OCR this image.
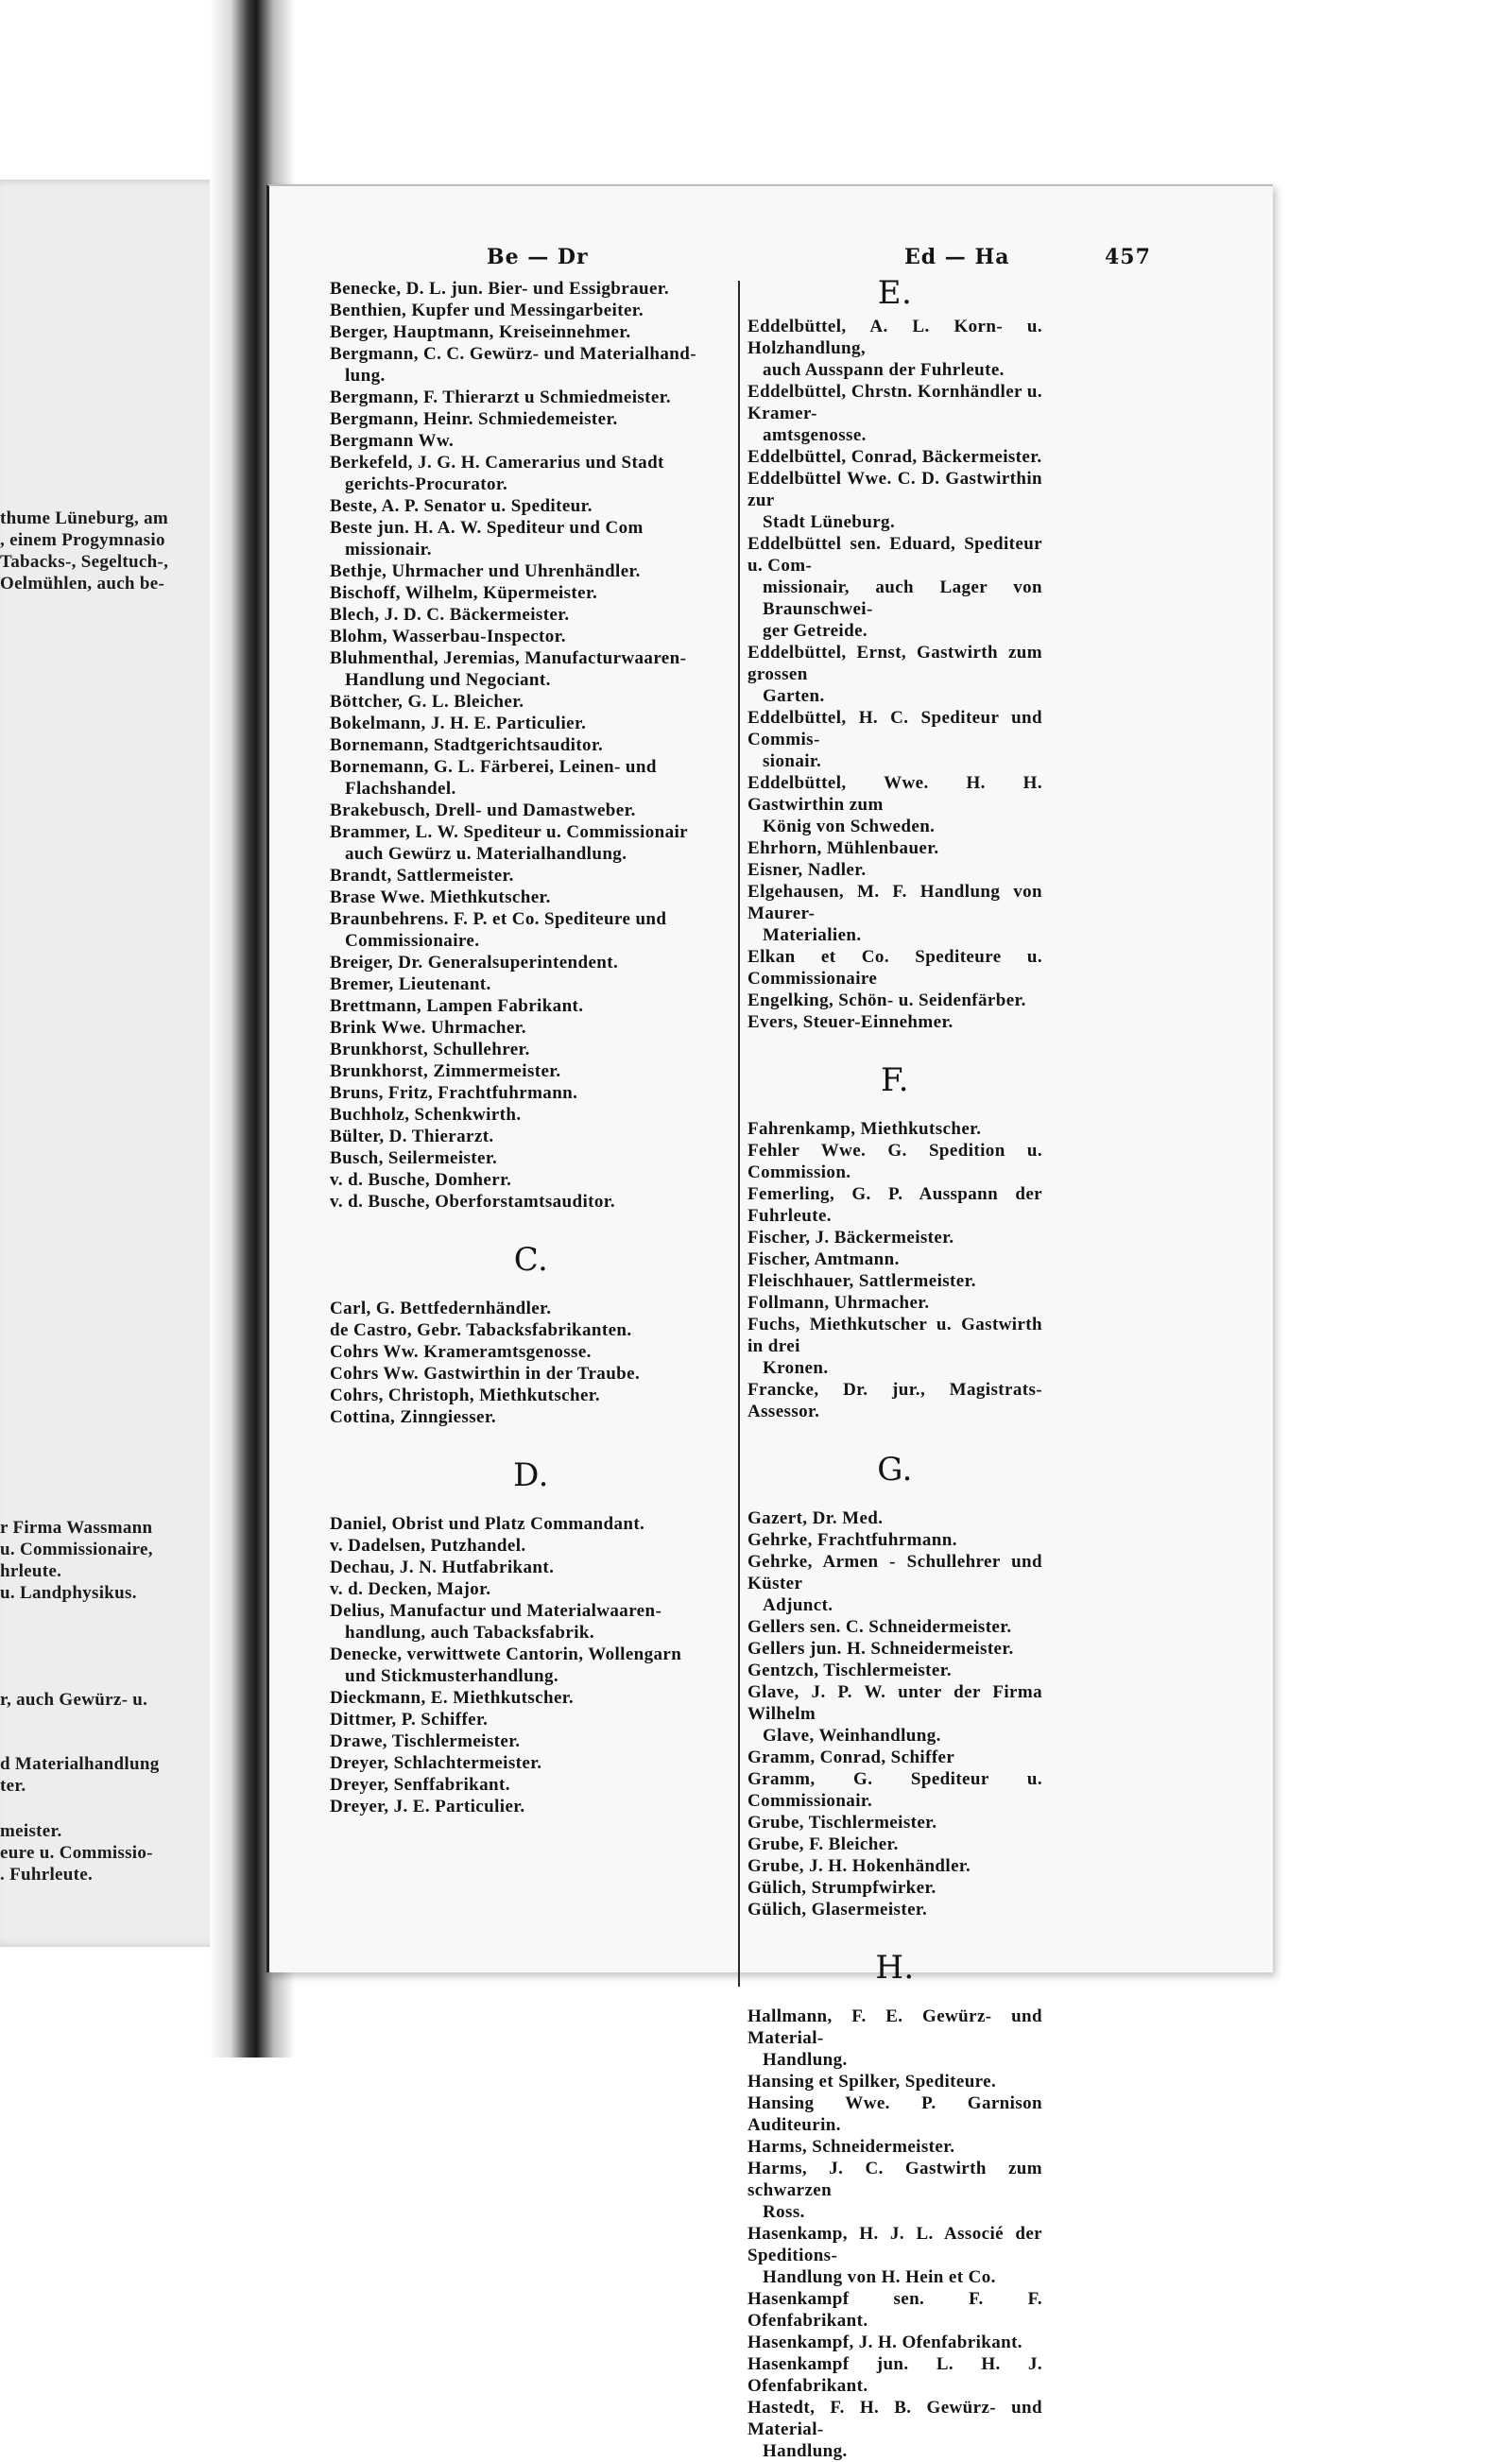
thume Lüneburg, am
, einem Progymnasio
Tabacks-, Segeltuch-,
Oelmühlen, auch be-
r Firma Wassmann
u. Commissionaire,
hrleute.
u. Landphysikus.
r, auch Gewürz- u.
d Materialhandlung
ter.
meister.
eure u. Commissio-
. Fuhrleute.
Be — Dr	Ed — Ha	457
Benecke, D. L. jun. Bier- und Essigbrauer.
Benthien, Kupfer und Messingarbeiter.
Berger, Hauptmann, Kreiseinnehmer.
Bergmann, C. C. Gewürz- und Materialhand-
lung.
Bergmann, F. Thierarzt u Schmiedmeister.
Bergmann, Heinr. Schmiedemeister.
Bergmann Ww.
Berkefeld, J. G. H. Camerarius und Stadt
gerichts-Procurator.
Beste, A. P. Senator u. Spediteur.
Beste jun. H. A. W. Spediteur und Com
missionair.
Bethje, Uhrmacher und Uhrenhändler.
Bischoff, Wilhelm, Küpermeister.
Blech, J. D. C. Bäckermeister.
Blohm, Wasserbau-Inspector.
Bluhmenthal, Jeremias, Manufacturwaaren-
Handlung und Negociant.
Böttcher, G. L. Bleicher.
Bokelmann, J. H. E. Particulier.
Bornemann, Stadtgerichtsauditor.
Bornemann, G. L. Färberei, Leinen- und
Flachshandel.
Brakebusch, Drell- und Damastweber.
Brammer, L. W. Spediteur u. Commissionair
auch Gewürz u. Materialhandlung.
Brandt, Sattlermeister.
Brase Wwe. Miethkutscher.
Braunbehrens. F. P. et Co. Spediteure und
Commissionaire.
Breiger, Dr. Generalsuperintendent.
Bremer, Lieutenant.
Brettmann, Lampen Fabrikant.
Brink Wwe. Uhrmacher.
Brunkhorst, Schullehrer.
Brunkhorst, Zimmermeister.
Bruns, Fritz, Frachtfuhrmann.
Buchholz, Schenkwirth.
Bülter, D. Thierarzt.
Busch, Seilermeister.
v. d. Busche, Domherr.
v. d. Busche, Oberforstamtsauditor.
C.
Carl, G. Bettfedernhändler.
de Castro, Gebr. Tabacksfabrikanten.
Cohrs Ww. Krameramtsgenosse.
Cohrs Ww. Gastwirthin in der Traube.
Cohrs, Christoph, Miethkutscher.
Cottina, Zinngiesser.
D.
Daniel, Obrist und Platz Commandant.
v. Dadelsen, Putzhandel.
Dechau, J. N. Hutfabrikant.
v. d. Decken, Major.
Delius, Manufactur und Materialwaaren-
handlung, auch Tabacksfabrik.
Denecke, verwittwete Cantorin, Wollengarn
und Stickmusterhandlung.
Dieckmann, E. Miethkutscher.
Dittmer, P. Schiffer.
Drawe, Tischlermeister.
Dreyer, Schlachtermeister.
Dreyer, Senffabrikant.
Dreyer, J. E. Particulier.
E.
Eddelbüttel, A. L. Korn- u. Holzhandlung,
auch Ausspann der Fuhrleute.
Eddelbüttel, Chrstn. Kornhändler u. Kramer-
amtsgenosse.
Eddelbüttel, Conrad, Bäckermeister.
Eddelbüttel Wwe. C. D. Gastwirthin zur
Stadt Lüneburg.
Eddelbüttel sen. Eduard, Spediteur u. Com-
missionair, auch Lager von Braunschwei-
ger Getreide.
Eddelbüttel, Ernst, Gastwirth zum grossen
Garten.
Eddelbüttel, H. C. Spediteur und Commis-
sionair.
Eddelbüttel, Wwe. H. H. Gastwirthin zum
König von Schweden.
Ehrhorn, Mühlenbauer.
Eisner, Nadler.
Elgehausen, M. F. Handlung von Maurer-
Materialien.
Elkan et Co. Spediteure u. Commissionaire
Engelking, Schön- u. Seidenfärber.
Evers, Steuer-Einnehmer.
F.
Fahrenkamp, Miethkutscher.
Fehler Wwe. G. Spedition u. Commission.
Femerling, G. P. Ausspann der Fuhrleute.
Fischer, J. Bäckermeister.
Fischer, Amtmann.
Fleischhauer, Sattlermeister.
Follmann, Uhrmacher.
Fuchs, Miethkutscher u. Gastwirth in drei
Kronen.
Francke, Dr. jur., Magistrats-Assessor.
G.
Gazert, Dr. Med.
Gehrke, Frachtfuhrmann.
Gehrke, Armen - Schullehrer und Küster
Adjunct.
Gellers sen. C. Schneidermeister.
Gellers jun. H. Schneidermeister.
Gentzch, Tischlermeister.
Glave, J. P. W. unter der Firma Wilhelm
Glave, Weinhandlung.
Gramm, Conrad, Schiffer
Gramm, G. Spediteur u. Commissionair.
Grube, Tischlermeister.
Grube, F. Bleicher.
Grube, J. H. Hokenhändler.
Gülich, Strumpfwirker.
Gülich, Glasermeister.
H.
Hallmann, F. E. Gewürz- und Material-
Handlung.
Hansing et Spilker, Spediteure.
Hansing Wwe. P. Garnison Auditeurin.
Harms, Schneidermeister.
Harms, J. C. Gastwirth zum schwarzen
Ross.
Hasenkamp, H. J. L. Associé der Speditions-
Handlung von H. Hein et Co.
Hasenkampf sen. F. F. Ofenfabrikant.
Hasenkampf, J. H. Ofenfabrikant.
Hasenkampf jun. L. H. J. Ofenfabrikant.
Hastedt, F. H. B. Gewürz- und Material-
Handlung.
